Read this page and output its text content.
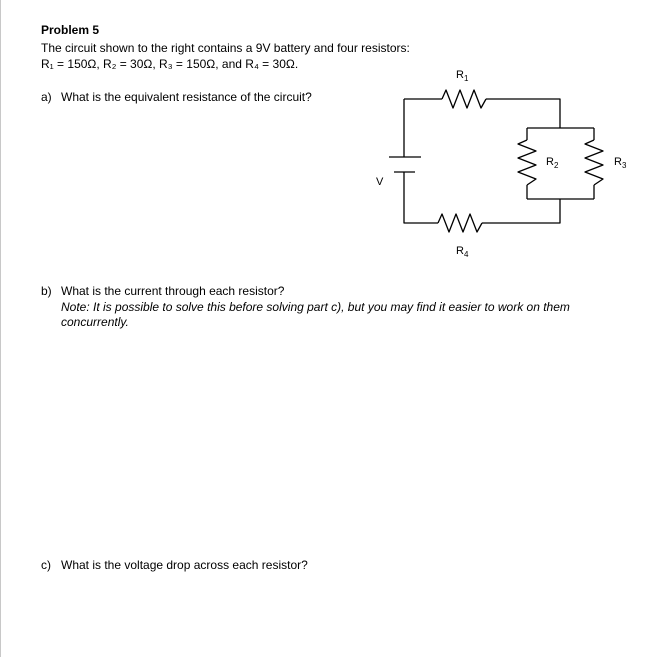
Problem 5
The circuit shown to the right contains a 9V battery and four resistors:
R₁ = 150Ω, R₂ = 30Ω, R₃ = 150Ω, and R₄ = 30Ω.
a) What is the equivalent resistance of the circuit?
b) What is the current through each resistor?
Note: It is possible to solve this before solving part c), but you may find it easier to work on them concurrently.
c) What is the voltage drop across each resistor?
V
$R_1$
$R_2$	$R_3$
$R_4$
